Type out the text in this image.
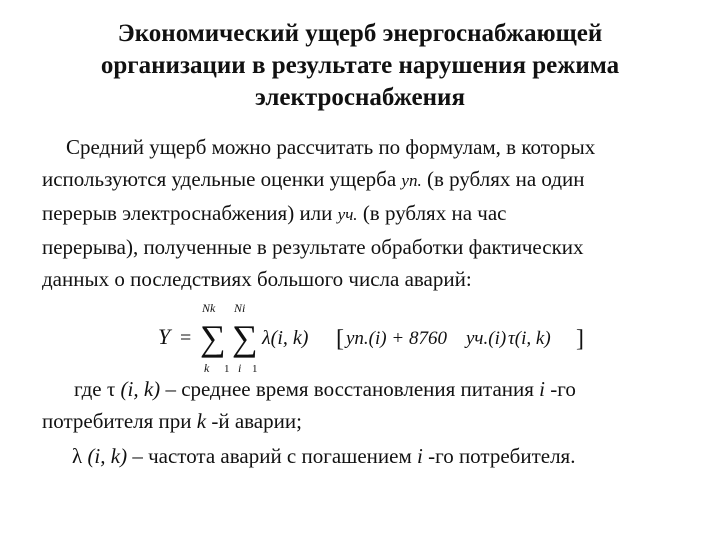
Экономический ущерб энергоснабжающей
организации в результате нарушения режима
электроснабжения
Средний ущерб можно рассчитать по формулам, в которых
используются удельные оценки ущерба yп. (в рублях на один
перерыв электроснабжения) или yч. (в рублях на час
перерыва), полученные в результате обработки фактических
данных о последствиях большого числа аварий:
Y =
Nk
∑
k 1
Ni
∑
i 1
λ(i, k) [ yп.(i) + 8760 yч.(i) τ(i, k) ]
где τ (i, k) – среднее время восстановления питания i -го
потребителя при k -й аварии;
λ (i, k) – частота аварий с погашением i -го потребителя.
